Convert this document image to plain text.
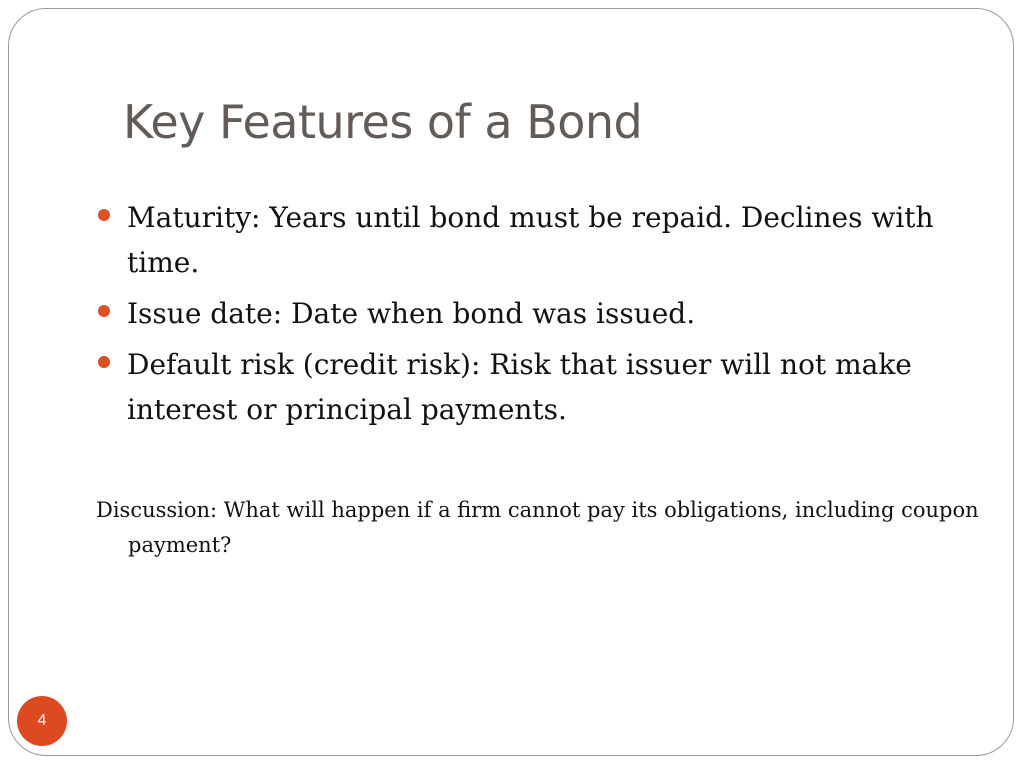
Key Features of a Bond
Maturity: Years until bond must be repaid. Declines with time.
Issue date: Date when bond was issued.
Default risk (credit risk): Risk that issuer will not make interest or principal payments.

Discussion: What will happen if a firm cannot pay its obligations, including coupon payment?

4
